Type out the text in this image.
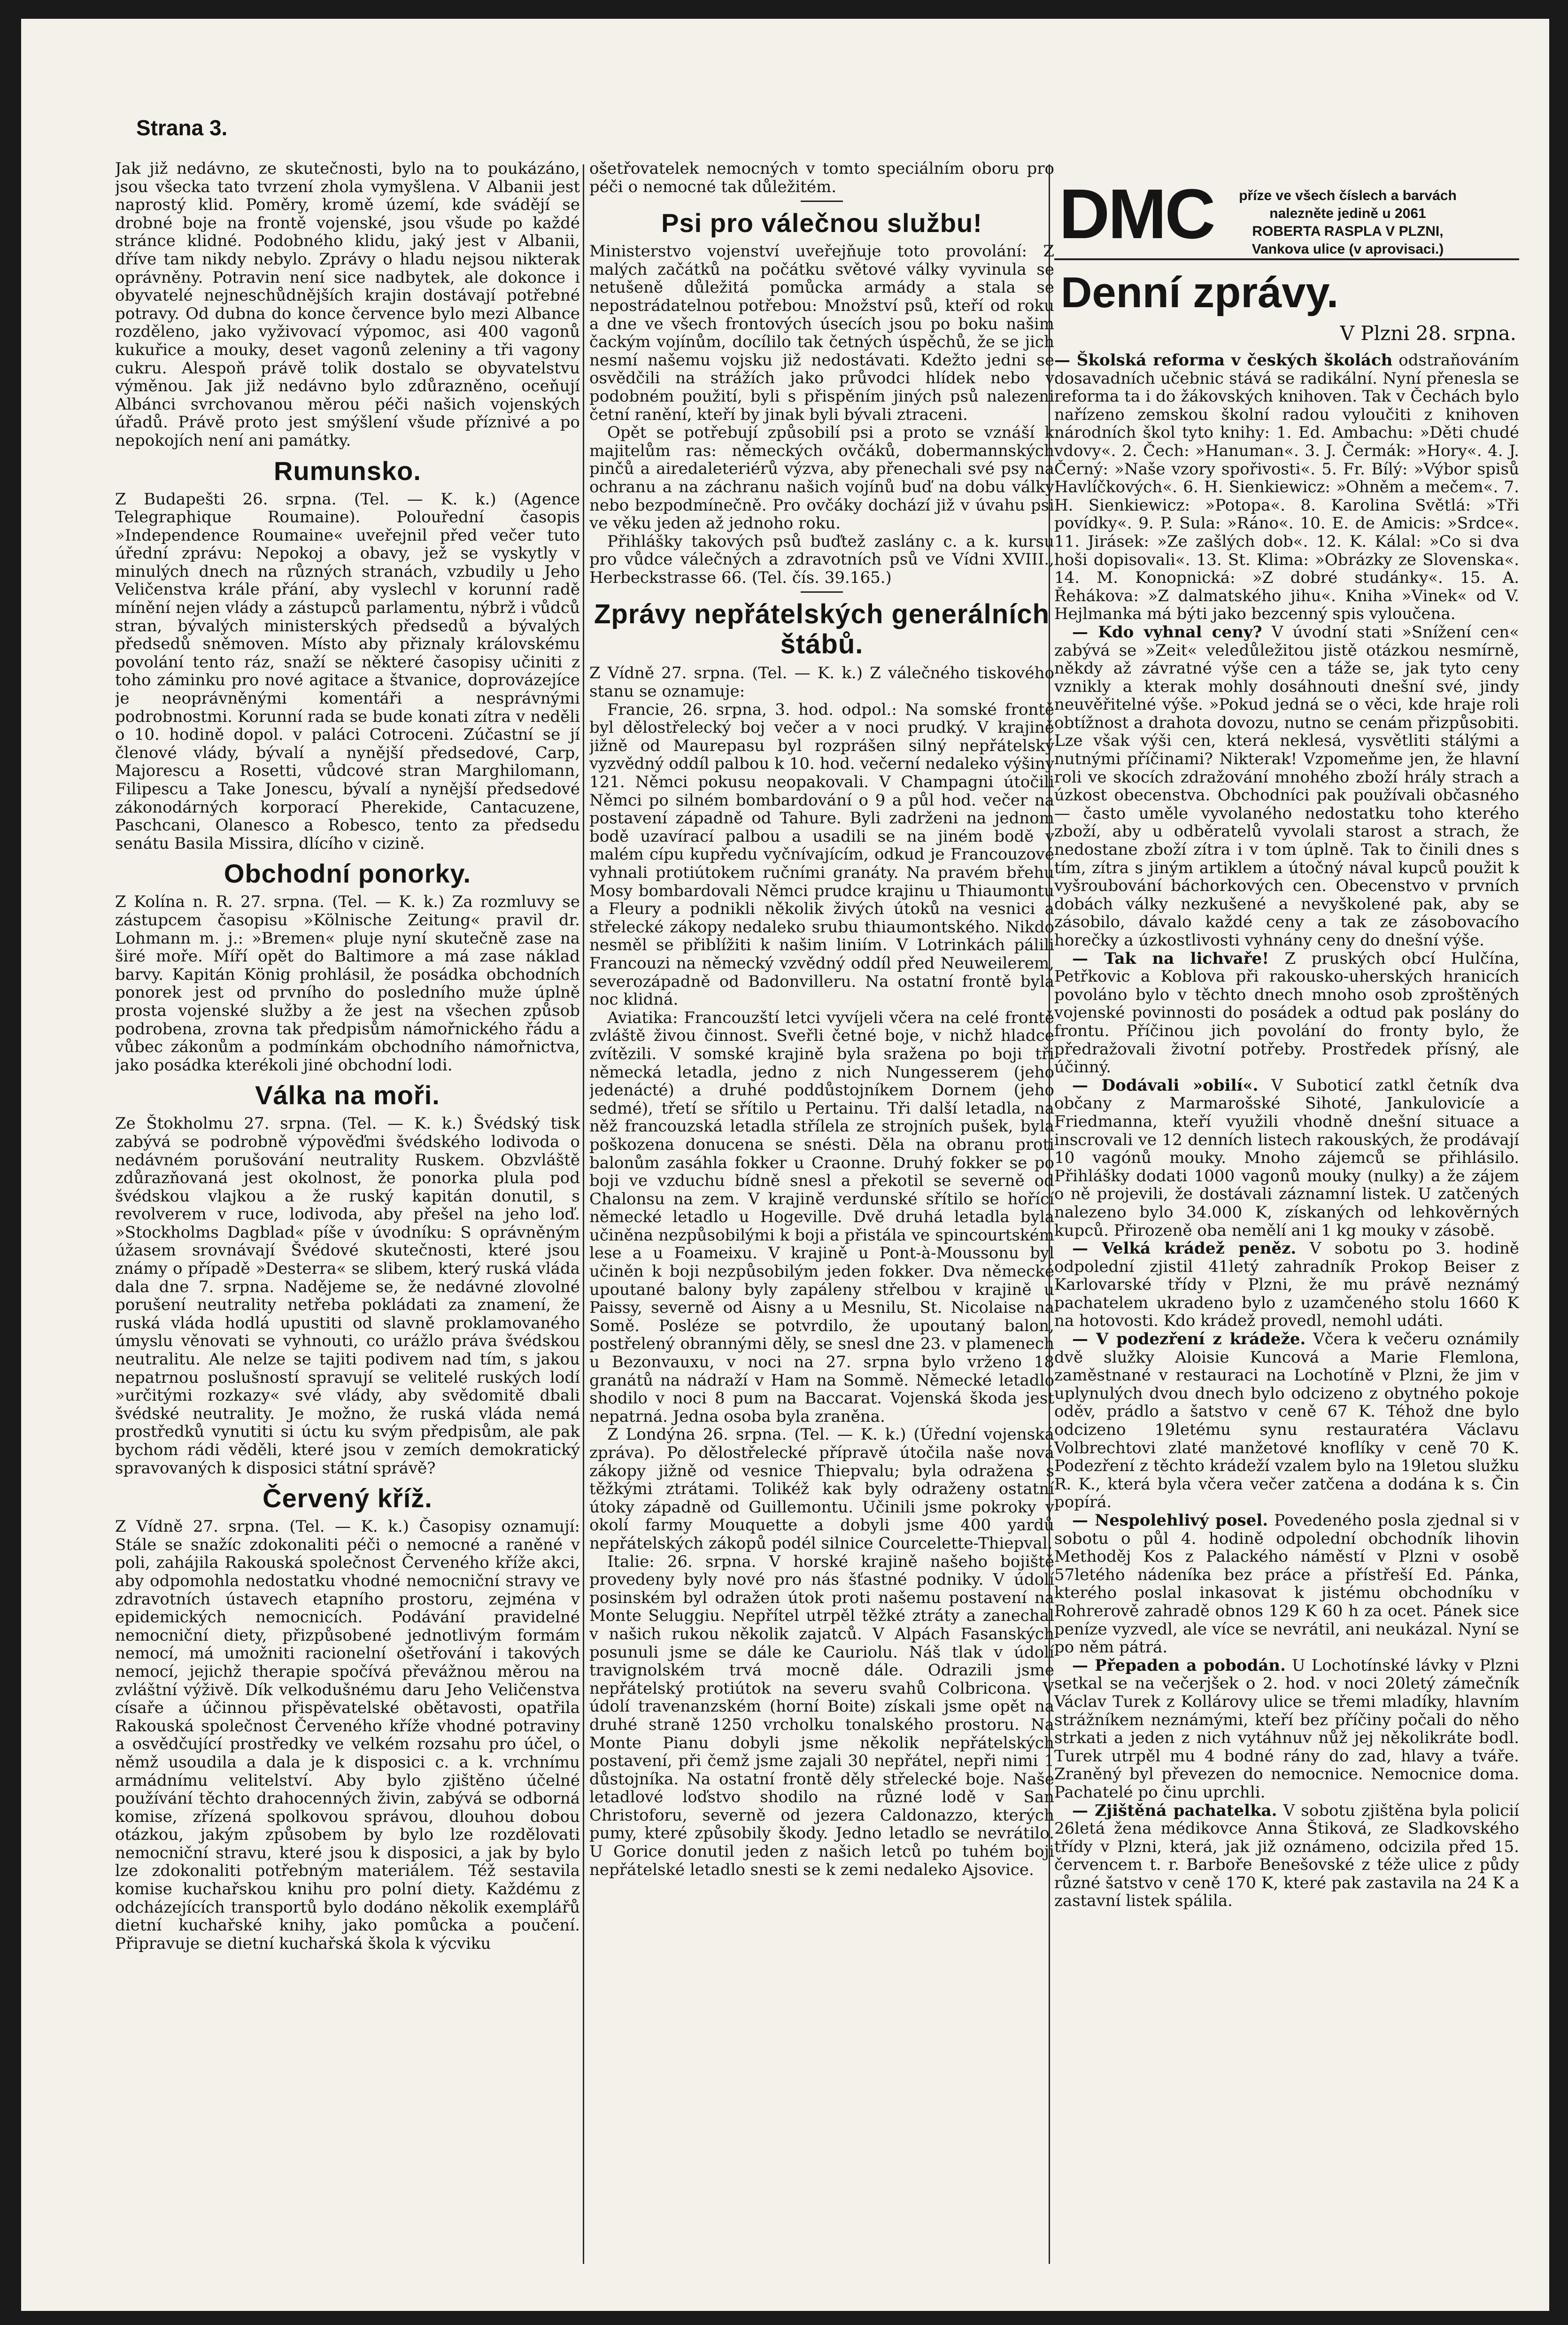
Strana 3.

Jak již nedávno, ze skutečnosti, bylo na to poukázáno, jsou všecka tato tvrzení zhola vymyšlena. V Albanii jest naprostý klid. Poměry, kromě území, kde svádějí se drobné boje na frontě vojenské, jsou všude po každé stránce klidné. Podobného klidu, jaký jest v Albanii, dříve tam nikdy nebylo. Zprávy o hladu nejsou nikterak oprávněny. Potravin není sice nadbytek, ale dokonce i obyvatelé nejneschůdnějších krajin dostávají potřebné potravy. Od dubna do konce července bylo mezi Albance rozděleno, jako vyživovací výpomoc, asi 400 vagonů kukuřice a mouky, deset vagonů zeleniny a tři vagony cukru. Alespoň právě tolik dostalo se obyvatelstvu výměnou. Jak již nedávno bylo zdůrazněno, oceňují Albánci svrchovanou měrou péči našich vojenských úřadů. Právě proto jest smýšlení všude příznivé a po nepokojích není ani památky.

Rumunsko.

Z Budapešti 26. srpna. (Tel. — K. k.) (Agence Telegraphique Roumaine). Polouřední časopis »Independence Roumaine« uveřejnil před večer tuto úřední zprávu: Nepokoj a obavy, jež se vyskytly v minulých dnech na různých stranách, vzbudily u Jeho Veličenstva krále přání, aby vyslechl v korunní radě mínění nejen vlády a zástupců parlamentu, nýbrž i vůdců stran, bývalých ministerských předsedů a bývalých předsedů sněmoven. Místo aby přiznaly královskému povolání tento ráz, snaží se některé časopisy učiniti z toho záminku pro nové agitace a štvanice, doprovázejíce je neoprávněnými komentáři a nesprávnými podrobnostmi. Korunní rada se bude konati zítra v neděli o 10. hodině dopol. v paláci Cotroceni. Zúčastní se jí členové vlády, bývalí a nynější předsedové, Carp, Majorescu a Rosetti, vůdcové stran Marghilomann, Filipescu a Take Jonescu, bývalí a nynější předsedové zákonodárných korporací Pherekide, Cantacuzene, Paschcani, Olanesco a Robesco, tento za předsedu senátu Basila Missira, dlícího v cizině.

Obchodní ponorky.

Z Kolína n. R. 27. srpna. (Tel. — K. k.) Za rozmluvy se zástupcem časopisu »Kölnische Zeitung« pravil dr. Lohmann m. j.: »Bremen« pluje nyní skutečně zase na širé moře. Míří opět do Baltimore a má zase náklad barvy. Kapitán König prohlásil, že posádka obchodních ponorek jest od prvního do posledního muže úplně prosta vojenské služby a že jest na všechen způsob podrobena, zrovna tak předpisům námořnického řádu a vůbec zákonům a podmínkám obchodního námořnictva, jako posádka kterékoli jiné obchodní lodi.

Válka na moři.

Ze Štokholmu 27. srpna. (Tel. — K. k.) Švédský tisk zabývá se podrobně výpověďmi švédského lodivoda o nedávném porušování neutrality Ruskem. Obzvláště zdůrazňovaná jest okolnost, že ponorka plula pod švédskou vlajkou a že ruský kapitán donutil, s revolverem v ruce, lodivoda, aby přešel na jeho loď. »Stockholms Dagblad« píše v úvodníku: S oprávněným úžasem srovnávají Švédové skutečnosti, které jsou známy o případě »Desterra« se slibem, který ruská vláda dala dne 7. srpna. Nadějeme se, že nedávné zlovolné porušení neutrality netřeba pokládati za znamení, že ruská vláda hodlá upustiti od slavně proklamovaného úmyslu věnovati se vyhnouti, co urážlo práva švédskou neutralitu. Ale nelze se tajiti podivem nad tím, s jakou nepatrnou poslušností spravují se velitelé ruských lodí »určitými rozkazy« své vlády, aby svědomitě dbali švédské neutrality. Je možno, že ruská vláda nemá prostředků vynutiti si úctu ku svým předpisům, ale pak bychom rádi věděli, které jsou v zemích demokratický spravovaných k disposici státní správě?

Červený kříž.

Z Vídně 27. srpna. (Tel. — K. k.) Časopisy oznamují: Stále se snažíc zdokonaliti péči o nemocné a raněné v poli, zahájila Rakouská společnost Červeného kříže akci, aby odpomohla nedostatku vhodné nemocniční stravy ve zdravotních ústavech etapního prostoru, zejména v epidemických nemocnicích. Podávání pravidelné nemocniční diety, přizpůsobené jednotlivým formám nemocí, má umožniti racionelní ošetřování i takových nemocí, jejichž therapie spočívá převážnou měrou na zvláštní výživě. Dík velkodušnému daru Jeho Veličenstva císaře a účinnou přispěvatelské obětavosti, opatřila Rakouská společnost Červeného kříže vhodné potraviny a osvědčující prostředky ve velkém rozsahu pro účel, o němž usoudila a dala je k disposici c. a k. vrchnímu armádnímu velitelství. Aby bylo zjištěno účelné používání těchto drahocenných živin, zabývá se odborná komise, zřízená spolkovou správou, dlouhou dobou otázkou, jakým způsobem by bylo lze rozdělovati nemocniční stravu, které jsou k disposici, a jak by bylo lze zdokonaliti potřebným materiálem. Též sestavila komise kuchařskou knihu pro polní diety. Každému z odcházejících transportů bylo dodáno několik exemplářů dietní kuchařské knihy, jako pomůcka a poučení. Připravuje se dietní kuchařská škola k výcviku

ošetřovatelek nemocných v tomto speciálním oboru pro péči o nemocné tak důležitém.

Psi pro válečnou službu!

Ministerstvo vojenství uveřejňuje toto provolání: Z malých začátků na počátku světové války vyvinula se netušeně důležitá pomůcka armády a stala se nepostrádatelnou potřebou: Množství psů, kteří od roku a dne ve všech frontových úsecích jsou po boku našim čackým vojínům, docílilo tak četných úspěchů, že se jich nesmí našemu vojsku již nedostávati. Kdežto jedni se osvědčili na strážích jako průvodci hlídek nebo v podobném použití, byli s přispěním jiných psů nalezeni četní ranění, kteří by jinak byli bývali ztraceni.

Opět se potřebují způsobilí psi a proto se vznáší k majitelům ras: německých ovčáků, dobermannských pinčů a airedaleteriérů výzva, aby přenechali své psy na ochranu a na záchranu našich vojínů buď na dobu války nebo bezpodmínečně. Pro ovčáky dochází již v úvahu psi ve věku jeden až jednoho roku.

Přihlášky takových psů buďtež zaslány c. a k. kursu pro vůdce válečných a zdravotních psů ve Vídni XVIII., Herbeckstrasse 66. (Tel. čís. 39.165.)

Zprávy nepřátelských generálních štábů.

Z Vídně 27. srpna. (Tel. — K. k.) Z válečného tiskového stanu se oznamuje:

Francie, 26. srpna, 3. hod. odpol.: Na somské frontě byl dělostřelecký boj večer a v noci prudký. V krajině jižně od Maurepasu byl rozprášen silný nepřátelský vyzvědný oddíl palbou k 10. hod. večerní nedaleko výšiny 121. Němci pokusu neopakovali. V Champagni útočili Němci po silném bombardování o 9 a půl hod. večer na postavení západně od Tahure. Byli zadrženi na jednom bodě uzavírací palbou a usadili se na jiném bodě v malém cípu kupředu vyčnívajícím, odkud je Francouzové vyhnali protiútokem ručními granáty. Na pravém břehu Mosy bombardovali Němci prudce krajinu u Thiaumontu a Fleury a podnikli několik živých útoků na vesnici a střelecké zákopy nedaleko srubu thiaumontského. Nikdo nesměl se přiblížiti k našim liniím. V Lotrinkách pálili Francouzi na německý vzvědný oddíl před Neuweilerem, severozápadně od Badonvilleru. Na ostatní frontě byla noc klidná.

Aviatika: Francouzští letci vyvíjeli včera na celé frontě zvláště živou činnost. Sveřli četné boje, v nichž hladce zvítězili. V somské krajině byla sražena po boji tři německá letadla, jedno z nich Nungesserem (jeho jedenácté) a druhé poddůstojníkem Dornem (jeho sedmé), třetí se sřítilo u Pertainu. Tři další letadla, na něž francouzská letadla střílela ze strojních pušek, byla poškozena donucena se snésti. Děla na obranu proti balonům zasáhla fokker u Craonne. Druhý fokker se po boji ve vzduchu bídně snesl a překotil se severně od Chalonsu na zem. V krajině verdunské sřítilo se hořící německé letadlo u Hogeville. Dvě druhá letadla byla učiněna nezpůsobilými k boji a přistála ve spincourtském lese a u Foameixu. V krajině u Pont-à-Moussonu byl učiněn k boji nezpůsobilým jeden fokker. Dva německé upoutané balony byly zapáleny střelbou v krajině u Paissy, severně od Aisny a u Mesnilu, St. Nicolaise na Somě. Posléze se potvrdilo, že upoutaný balon, postřelený obrannými děly, se snesl dne 23. v plamenech u Bezonvauxu, v noci na 27. srpna bylo vrženo 18 granátů na nádraží v Ham na Sommě. Německé letadlo shodilo v noci 8 pum na Baccarat. Vojenská škoda jest nepatrná. Jedna osoba byla zraněna.

Z Londýna 26. srpna. (Tel. — K. k.) (Úřední vojenská zpráva). Po dělostřelecké přípravě útočila naše nová zákopy jižně od vesnice Thiepvalu; byla odražena s těžkými ztrátami. Tolikéž kak byly odraženy ostatní útoky západně od Guillemontu. Učinili jsme pokroky v okolí farmy Mouquette a dobyli jsme 400 yardů nepřátelských zákopů podél silnice Courcelette-Thiepval.

Italie: 26. srpna. V horské krajině našeho bojiště provedeny byly nové pro nás šťastné podniky. V údolí posinském byl odražen útok proti našemu postavení na Monte Seluggiu. Nepřítel utrpěl těžké ztráty a zanechal v našich rukou několik zajatců. V Alpách Fasanských posunuli jsme se dále ke Cauriolu. Náš tlak v údolí travignolském trvá mocně dále. Odrazili jsme nepřátelský protiútok na severu svahů Colbricona. V údolí travenanzském (horní Boite) získali jsme opět na druhé straně 1250 vrcholku tonalského prostoru. Na Monte Pianu dobyli jsme několik nepřátelských postavení, při čemž jsme zajali 30 nepřátel, nepři nimi 1 důstojníka. Na ostatní frontě děly střelecké boje. Naše letadlové loďstvo shodilo na různé lodě v San Christoforu, severně od jezera Caldonazzo, kterých pumy, které způsobily škody. Jedno letadlo se nevrátilo. U Gorice donutil jeden z našich letců po tuhém boji nepřátelské letadlo snesti se k zemi nedaleko Ajsovice.

DMC	příze ve všech číslech a barvách
nalezněte jedině u 2061
ROBERTA RASPLA V PLZNI,
Vankova ulice (v aprovisaci.)
Denní zprávy.
V Plzni 28. srpna.

— Školská reforma v českých školách odstraňováním dosavadních učebnic stává se radikální. Nyní přenesla se reforma ta i do žákovských knihoven. Tak v Čechách bylo nařízeno zemskou školní radou vyloučiti z knihoven národních škol tyto knihy: 1. Ed. Ambachu: »Děti chudé vdovy«. 2. Čech: »Hanuman«. 3. J. Čermák: »Hory«. 4. J. Černý: »Naše vzory spořivosti«. 5. Fr. Bílý: »Výbor spisů Havlíčkových«. 6. H. Sienkiewicz: »Ohněm a mečem«. 7. H. Sienkiewicz: »Potopa«. 8. Karolina Světlá: »Tři povídky«. 9. P. Sula: »Ráno«. 10. E. de Amicis: »Srdce«. 11. Jirásek: »Ze zašlých dob«. 12. K. Kálal: »Co si dva hoši dopisovali«. 13. St. Klima: »Obrázky ze Slovenska«. 14. M. Konopnická: »Z dobré studánky«. 15. A. Řehákova: »Z dalmatského jihu«. Kniha »Vinek« od V. Hejlmanka má býti jako bezcenný spis vyloučena.

— Kdo vyhnal ceny? V úvodní stati »Snížení cen« zabývá se »Zeit« veledůležitou jistě otázkou nesmírně, někdy až závratné výše cen a táže se, jak tyto ceny vznikly a kterak mohly dosáhnouti dnešní své, jindy neuvěřitelné výše. »Pokud jedná se o věci, kde hraje roli obtížnost a drahota dovozu, nutno se cenám přizpůsobiti. Lze však výši cen, která neklesá, vysvětliti stálými a nutnými příčinami? Nikterak! Vzpomeňme jen, že hlavní roli ve skocích zdražování mnohého zboží hrály strach a úzkost obecenstva. Obchodníci pak používali občasného — často uměle vyvolaného nedostatku toho kterého zboží, aby u odběratelů vyvolali starost a strach, že nedostane zboží zítra i v tom úplně. Tak to činili dnes s tím, zítra s jiným artiklem a útočný nával kupců použit k vyšroubování báchorkových cen. Obecenstvo v prvních dobách války nezkušené a nevyškolené pak, aby se zásobilo, dávalo každé ceny a tak ze zásobovacího horečky a úzkostlivosti vyhnány ceny do dnešní výše.

— Tak na lichvaře! Z pruských obcí Hulčína, Petřkovic a Koblova při rakousko-uherských hranicích povoláno bylo v těchto dnech mnoho osob zproštěných vojenské povinnosti do posádek a odtud pak poslány do frontu. Příčinou jich povolání do fronty bylo, že předražovali životní potřeby. Prostředek přísný, ale účinný.

— Dodávali »obilí«. V Suboticí zatkl četník dva občany z Marmarošské Sihoté, Jankulovicíe a Friedmanna, kteří využili vhodně dnešní situace a inscrovali ve 12 denních listech rakouských, že prodávají 10 vagónů mouky. Mnoho zájemců se přihlásilo. Přihlášky dodati 1000 vagonů mouky (nulky) a že zájem o ně projevili, že dostávali záznamní listek. U zatčených nalezeno bylo 34.000 K, získaných od lehkověrných kupců. Přirozeně oba nemělí ani 1 kg mouky v zásobě.

— Velká krádež peněz. V sobotu po 3. hodině odpolední zjistil 41letý zahradník Prokop Beiser z Karlovarské třídy v Plzni, že mu právě neznámý pachatelem ukradeno bylo z uzamčeného stolu 1660 K na hotovosti. Kdo krádež provedl, nemohl udáti.

— V podezření z krádeže. Včera k večeru oznámily dvě služky Aloisie Kuncová a Marie Flemlona, zaměstnané v restauraci na Lochotíně v Plzni, že jim v uplynulých dvou dnech bylo odcizeno z obytného pokoje oděv, prádlo a šatstvo v ceně 67 K. Téhož dne bylo odcizeno 19letému synu restauratéra Václavu Volbrechtovi zlaté manžetové knoflíky v ceně 70 K. Podezření z těchto krádeží vzalem bylo na 19letou služku R. K., která byla včera večer zatčena a dodána k s. Čin popírá.

— Nespolehlivý posel. Povedeného posla zjednal si v sobotu o půl 4. hodině odpolední obchodník lihovin Methoděj Kos z Palackého náměstí v Plzni v osobě 57letého nádeníka bez práce a přístřeší Ed. Pánka, kterého poslal inkasovat k jistému obchodníku v Rohrerově zahradě obnos 129 K 60 h za ocet. Pánek sice peníze vyzvedl, ale více se nevrátil, ani neukázal. Nyní se po něm pátrá.

— Přepaden a pobodán. U Lochotínské lávky v Plzni setkal se na večerjšek o 2. hod. v noci 20letý zámečník Václav Turek z Kollárovy ulice se třemi mladíky, hlavním strážníkem neznámými, kteří bez příčiny počali do něho strkati a jeden z nich vytáhnuv nůž jej několikráte bodl. Turek utrpěl mu 4 bodné rány do zad, hlavy a tváře. Zraněný byl převezen do nemocnice. Nemocnice doma. Pachatelé po činu uprchli.

— Zjištěná pachatelka. V sobotu zjištěna byla policií 26letá žena médikovce Anna Štiková, ze Sladkovského třídy v Plzni, která, jak již oznámeno, odcizila před 15. červencem t. r. Barboře Benešovské z téže ulice z půdy různé šatstvo v ceně 170 K, které pak zastavila na 24 K a zastavní listek spálila.
